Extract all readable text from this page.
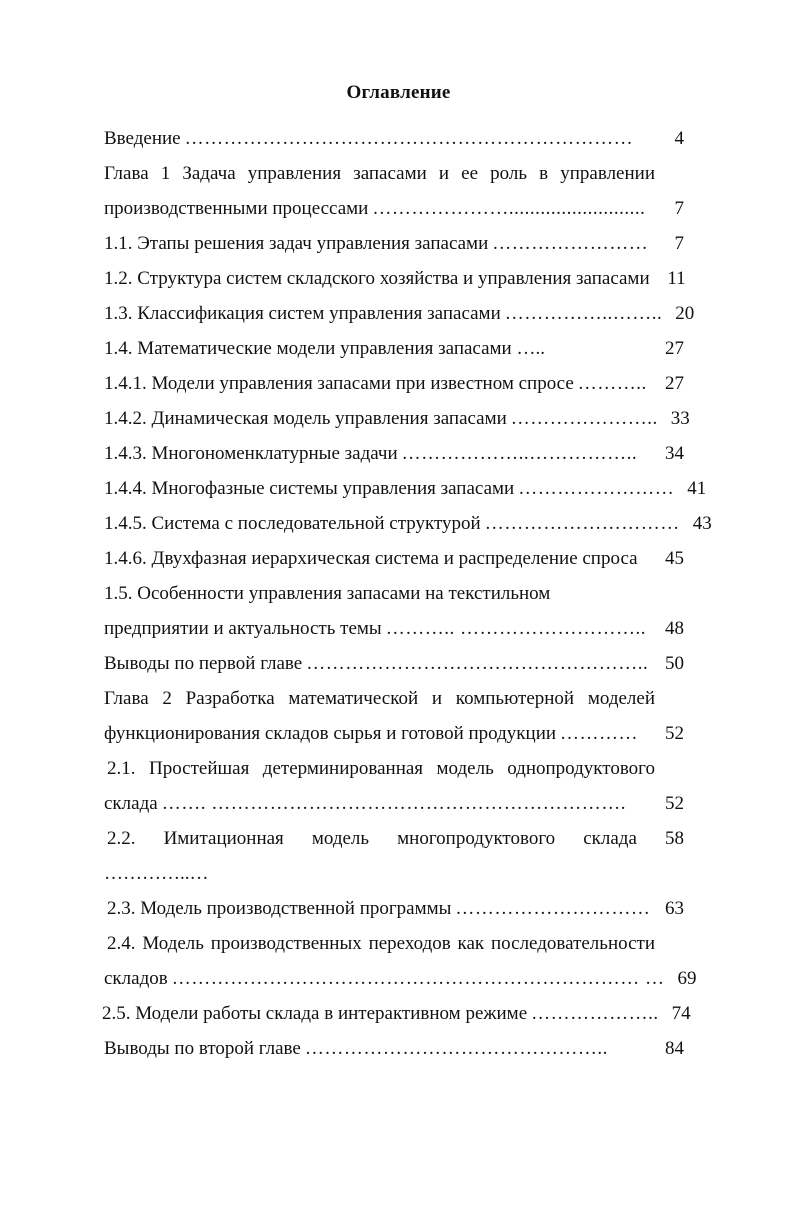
Оглавление
Введение ……………………………………………………………	4
Глава 1 Задача управления запасами и ее роль в управлении
производственными процессами …………………..........................	7
1.1. Этапы решения задач управления запасами ……………………	7
1.2. Структура систем складского хозяйства и управления запасами 11
1.3. Классификация систем управления запасами ……………..…….. 20
1.4. Математические модели управления запасами …..	27
1.4.1. Модели управления запасами при известном спросе ……….. 27
1.4.2. Динамическая модель управления запасами ………………….. 33
1.4.3. Многономенклатурные задачи ………………..……………..	34
1.4.4. Многофазные системы управления запасами …………………… 41
1.4.5. Система с последовательной структурой ………………………… 43
1.4.6. Двухфазная иерархическая система и распределение спроса	45
1.5. Особенности управления запасами на текстильном
предприятии и актуальность темы ……….. ………………………..	48
Выводы по первой главе …………………………………………….. 50
Глава 2 Разработка математической и компьютерной моделей
функционирования складов сырья и готовой продукции …………	52
2.1. Простейшая детерминированная модель однопродуктового
склада ……. ……………………………………………………….	52
2.2. Имитационная модель многопродуктового склада 58
…………..…
2.3. Модель производственной программы ………………………… 63
2.4. Модель производственных переходов как последовательности
складов ……………………………………………………………… … 69
2.5. Модели работы склада в интерактивном режиме ……………….. 74
Выводы по второй главе ………………………………………..	84
